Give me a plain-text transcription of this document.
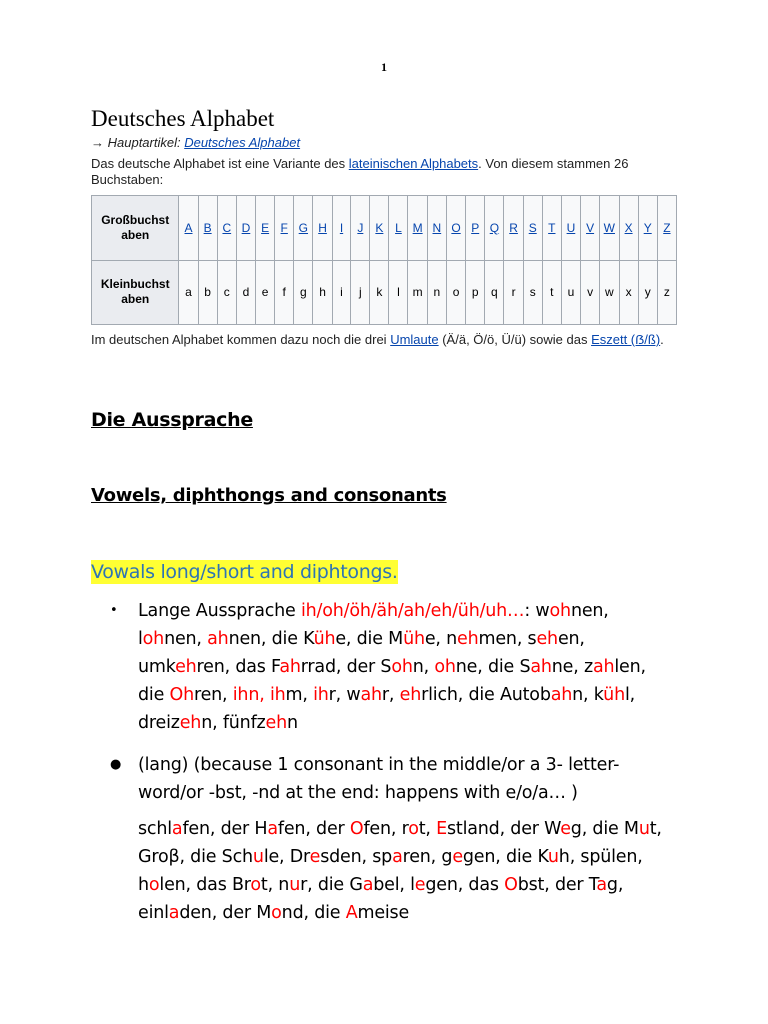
1
Deutsches Alphabet
→ Hauptartikel: Deutsches Alphabet
Das deutsche Alphabet ist eine Variante des lateinischen Alphabets. Von diesem stammen 26 Buchstaben:
Großbuchst aben	A	B	C	D	E	F	G	H	I	J	K	L	M	N	O	P	Q	R	S	T	U	V	W	X	Y	Z
Kleinbuchst aben	a	b	c	d	e	f	g	h	i	j	k	l	m	n	o	p	q	r	s	t	u	v	w	x	y	z
Im deutschen Alphabet kommen dazu noch die drei Umlaute (Ä/ä, Ö/ö, Ü/ü) sowie das Eszett (ẞ/ß).
Die Aussprache
Vowels, diphthongs and consonants
Vowals long/short and diphtongs.
• Lange Aussprache ih/oh/öh/äh/ah/eh/üh/uh…: wohnen, lohnen, ahnen, die Kühe, die Mühe, nehmen, sehen, umkehren, das Fahrrad, der Sohn, ohne, die Sahne, zahlen, die Ohren, ihn, ihm, ihr, wahr, ehrlich, die Autobahn, kühl, dreizehn, fünfzehn
● (lang) (because 1 consonant in the middle/or a 3- letter-word/or -bst, -nd at the end: happens with e/o/a… )
schlafen, der Hafen, der Ofen, rot, Estland, der Weg, die Mut, Groβ, die Schule, Dresden, sparen, gegen, die Kuh, spülen, holen, das Brot, nur, die Gabel, legen, das Obst, der Tag, einladen, der Mond, die Ameise
